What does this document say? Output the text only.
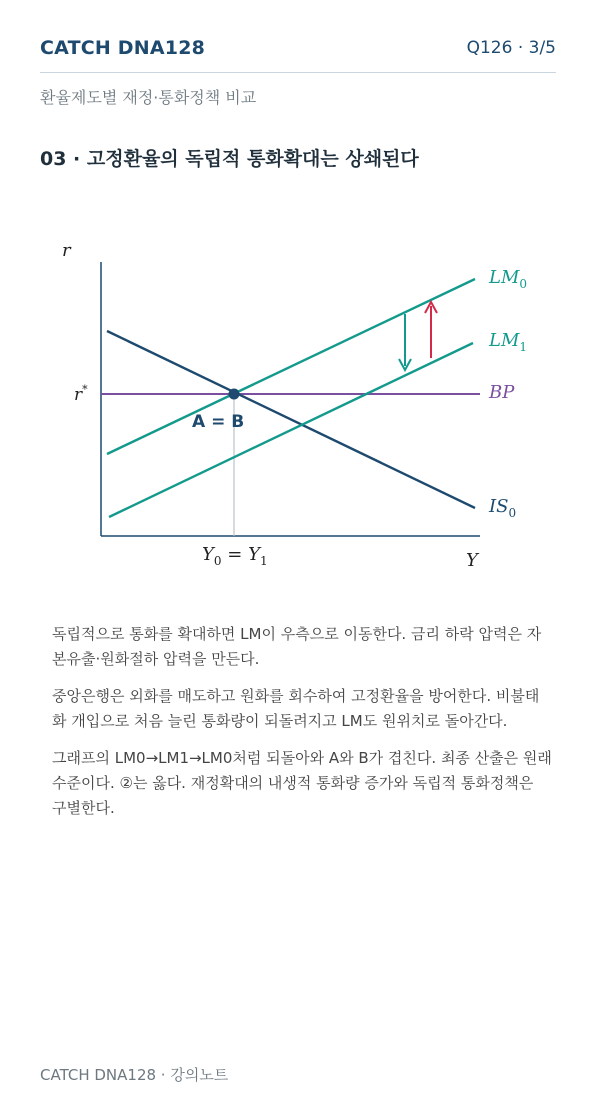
CATCH DNA128	Q126 · 3/5
환율제도별 재정·통화정책 비교
03 · 고정환율의 독립적 통화확대는 상쇄된다
r
r*
$LM_0$
$LM_1$
BP
$IS_0$
A = B
$Y_0 = Y_1$	Y

독립적으로 통화를 확대하면 LM이 우측으로 이동한다. 금리 하락 압력은 자본유출·원화절하 압력을 만든다.

중앙은행은 외화를 매도하고 원화를 회수하여 고정환율을 방어한다. 비불태화 개입으로 처음 늘린 통화량이 되돌려지고 LM도 원위치로 돌아간다.

그래프의 LM0→LM1→LM0처럼 되돌아와 A와 B가 겹친다. 최종 산출은 원래 수준이다. ②는 옳다. 재정확대의 내생적 통화량 증가와 독립적 통화정책은 구별한다.

CATCH DNA128 · 강의노트
